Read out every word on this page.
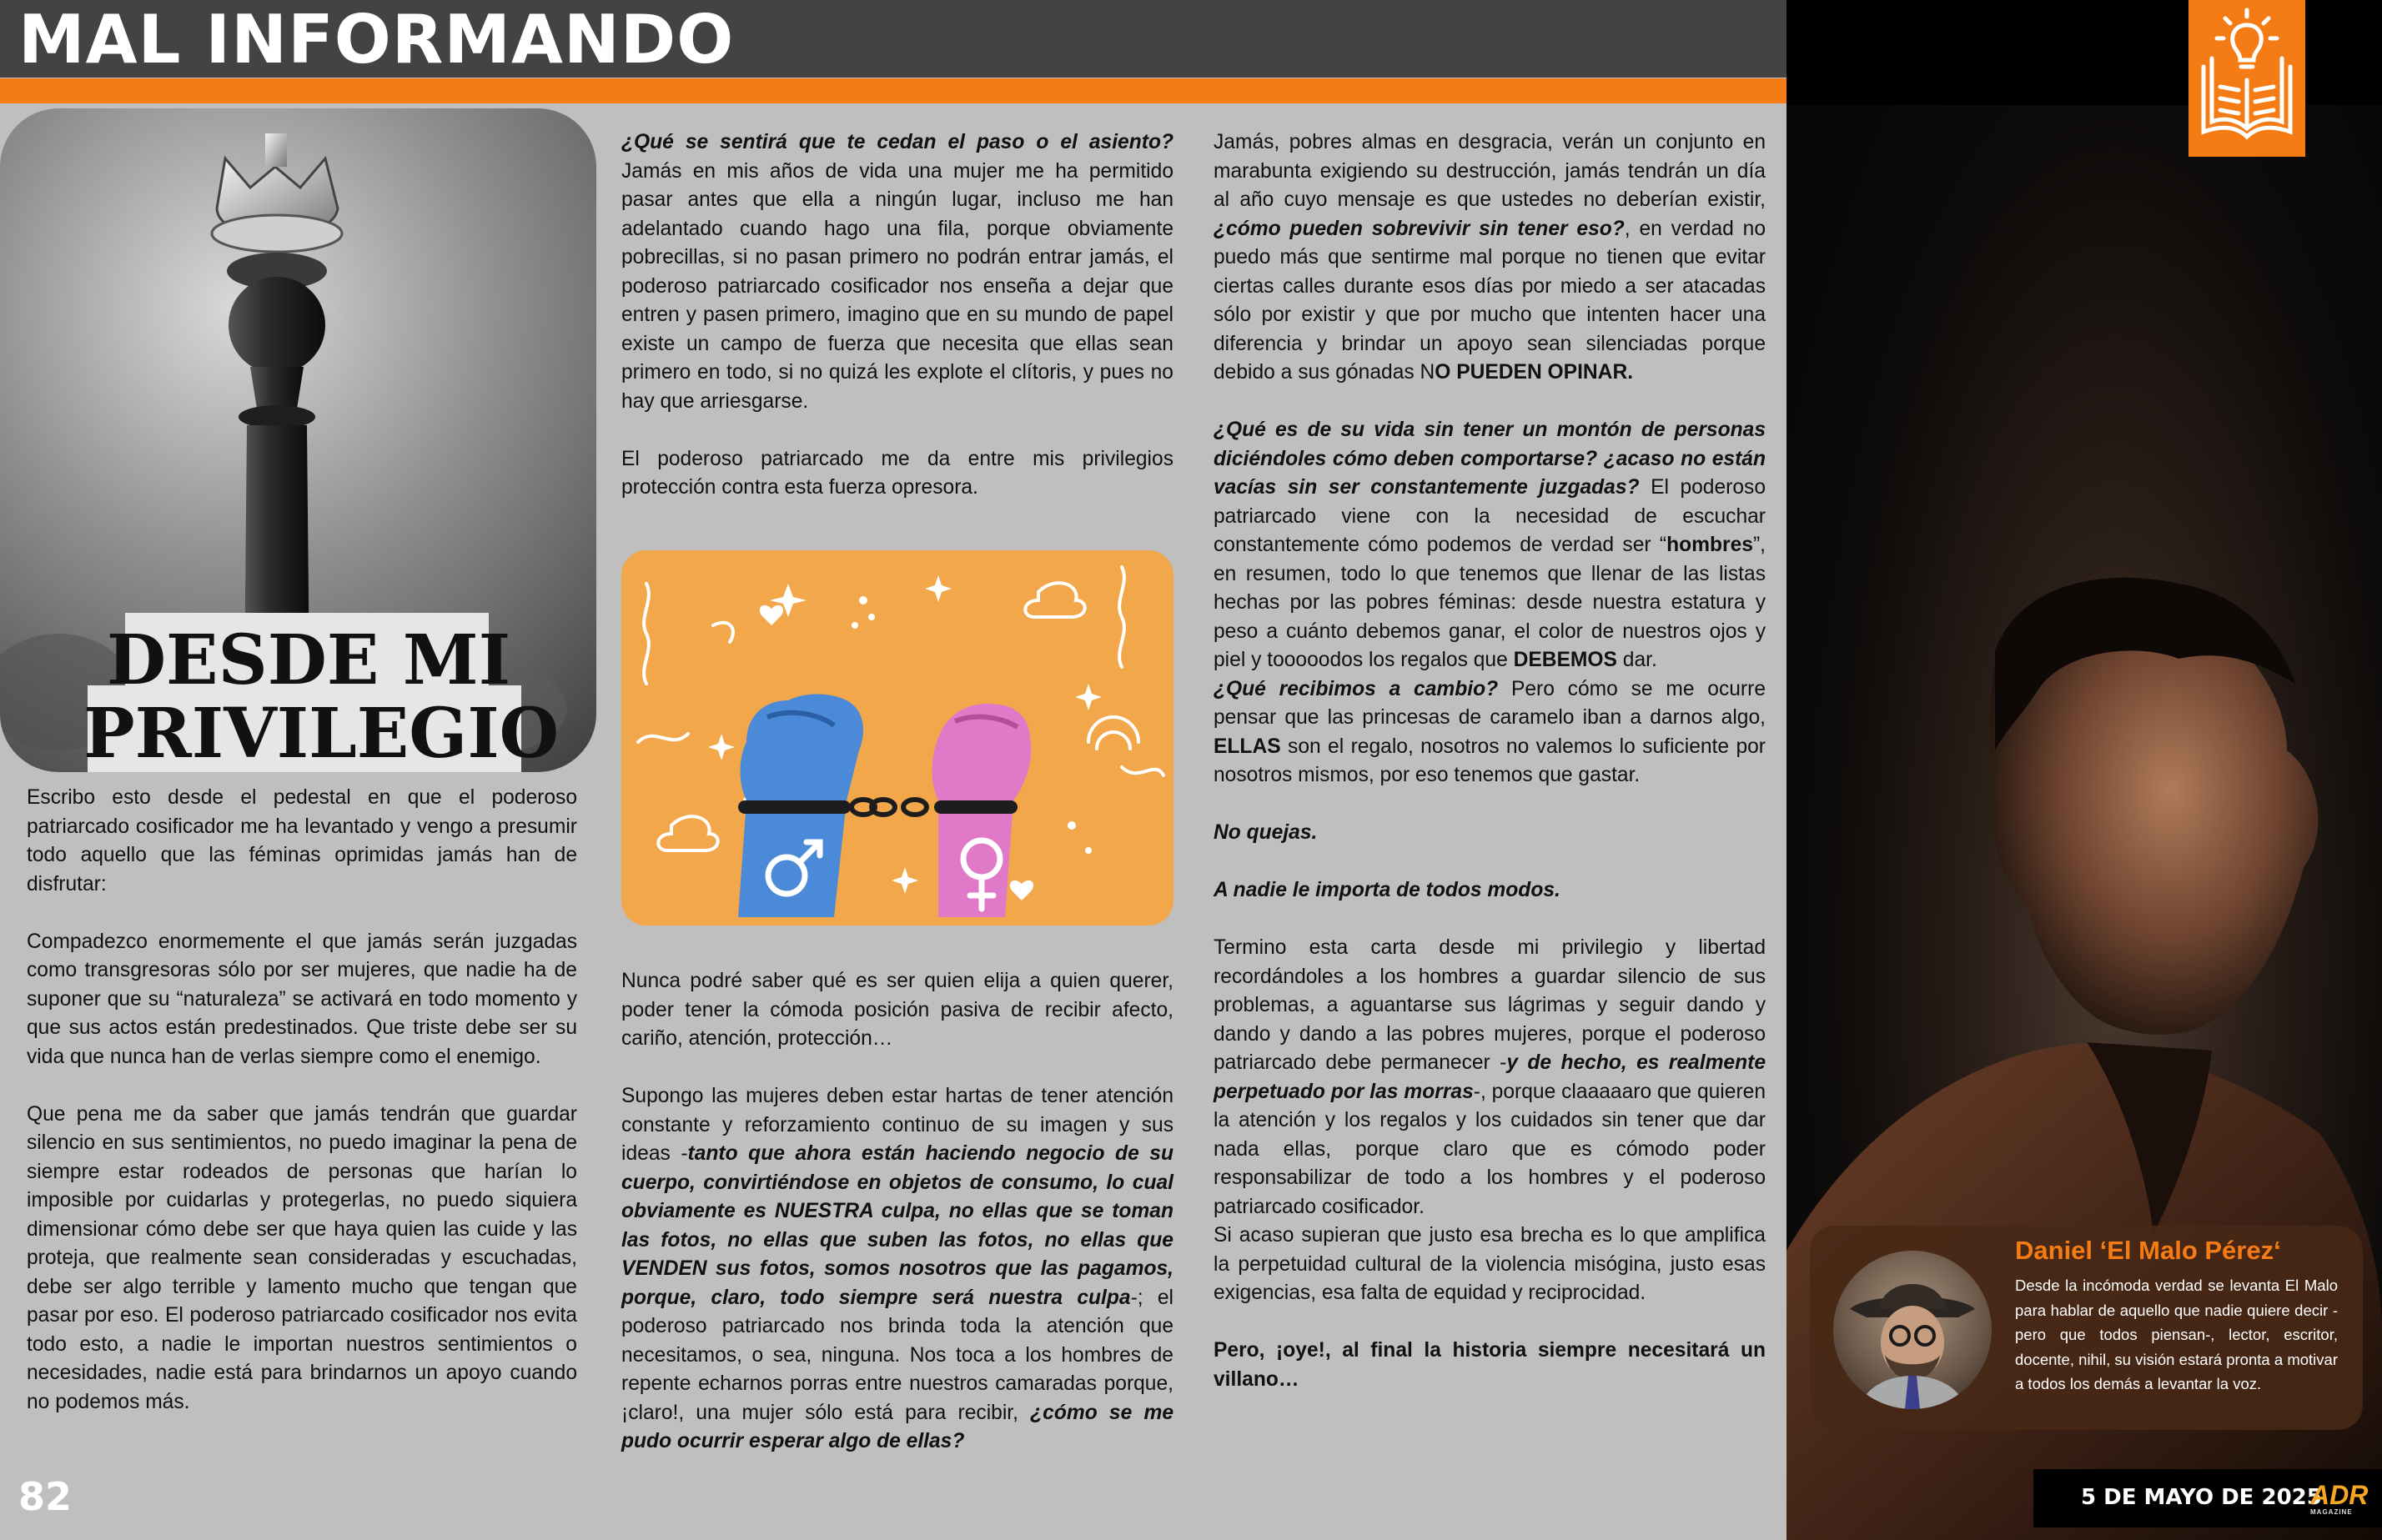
MAL INFORMANDO
DESDE MI
PRIVILEGIO

Escribo esto desde el pedestal en que el poderoso patriarcado cosificador me ha levantado y vengo a presumir todo aquello que las féminas oprimidas jamás han de disfrutar:

Compadezco enormemente el que jamás serán juzgadas como transgresoras sólo por ser mujeres, que nadie ha de suponer que su “naturaleza” se activará en todo momento y que sus actos están predestinados. Que triste debe ser su vida que nunca han de verlas siempre como el enemigo.

Que pena me da saber que jamás tendrán que guardar silencio en sus sentimientos, no puedo imaginar la pena de siempre estar rodeados de personas que harían lo imposible por cuidarlas y protegerlas, no puedo siquiera dimensionar cómo debe ser que haya quien las cuide y las proteja, que realmente sean consideradas y escuchadas, debe ser algo terrible y lamento mucho que tengan que pasar por eso. El poderoso patriarcado cosificador nos evita todo esto, a nadie le importan nuestros sentimientos o necesidades, nadie está para brindarnos un apoyo cuando no podemos más.

¿Qué se sentirá que te cedan el paso o el asiento? Jamás en mis años de vida una mujer me ha permitido pasar antes que ella a ningún lugar, incluso me han adelantado cuando hago una fila, porque obviamente pobrecillas, si no pasan primero no podrán entrar jamás, el poderoso patriarcado cosificador nos enseña a dejar que entren y pasen primero, imagino que en su mundo de papel existe un campo de fuerza que necesita que ellas sean primero en todo, si no quizá les explote el clítoris, y pues no hay que arriesgarse.

El poderoso patriarcado me da entre mis privilegios protección contra esta fuerza opresora.

Nunca podré saber qué es ser quien elija a quien querer, poder tener la cómoda posición pasiva de recibir afecto, cariño, atención, protección…

Supongo las mujeres deben estar hartas de tener atención constante y reforzamiento continuo de su imagen y sus ideas -tanto que ahora están haciendo negocio de su cuerpo, convirtiéndose en objetos de consumo, lo cual obviamente es NUESTRA culpa, no ellas que se toman las fotos, no ellas que suben las fotos, no ellas que VENDEN sus fotos, somos nosotros que las pagamos, porque, claro, todo siempre será nuestra culpa-; el poderoso patriarcado nos brinda toda la atención que necesitamos, o sea, ninguna. Nos toca a los hombres de repente echarnos porras entre nuestros camaradas porque, ¡claro!, una mujer sólo está para recibir, ¿cómo se me pudo ocurrir esperar algo de ellas?

Jamás, pobres almas en desgracia, verán un conjunto en marabunta exigiendo su destrucción, jamás tendrán un día al año cuyo mensaje es que ustedes no deberían existir, ¿cómo pueden sobrevivir sin tener eso?, en verdad no puedo más que sentirme mal porque no tienen que evitar ciertas calles durante esos días por miedo a ser atacadas sólo por existir y que por mucho que intenten hacer una diferencia y brindar un apoyo sean silenciadas porque debido a sus gónadas NO PUEDEN OPINAR.

¿Qué es de su vida sin tener un montón de personas diciéndoles cómo deben comportarse? ¿acaso no están vacías sin ser constantemente juzgadas? El poderoso patriarcado viene con la necesidad de escuchar constantemente cómo podemos de verdad ser “hombres”, en resumen, todo lo que tenemos que llenar de las listas hechas por las pobres féminas: desde nuestra estatura y peso a cuánto debemos ganar, el color de nuestros ojos y piel y tooooodos los regalos que DEBEMOS dar.

¿Qué recibimos a cambio? Pero cómo se me ocurre pensar que las princesas de caramelo iban a darnos algo, ELLAS son el regalo, nosotros no valemos lo suficiente por nosotros mismos, por eso tenemos que gastar.

No quejas.

A nadie le importa de todos modos.

Termino esta carta desde mi privilegio y libertad recordándoles a los hombres a guardar silencio de sus problemas, a aguantarse sus lágrimas y seguir dando y dando y dando a las pobres mujeres, porque el poderoso patriarcado debe permanecer -y de hecho, es realmente perpetuado por las morras-, porque claaaaaro que quieren la atención y los regalos y los cuidados sin tener que dar nada ellas, porque claro que es cómodo poder responsabilizar de todo a los hombres y el poderoso patriarcado cosificador.

Si acaso supieran que justo esa brecha es lo que amplifica la perpetuidad cultural de la violencia misógina, justo esas exigencias, esa falta de equidad y reciprocidad.

Pero, ¡oye!, al final la historia siempre necesitará un villano…

Daniel ‘El Malo Pérez‘
Desde la incómoda verdad se levanta El Malo para hablar de aquello que nadie quiere decir -pero que todos piensan-, lector, escritor, docente, nihil, su visión estará pronta a motivar a todos los demás a levantar la voz.
82	5 DE MAYO DE 2025
ADR
MAGAZINE
